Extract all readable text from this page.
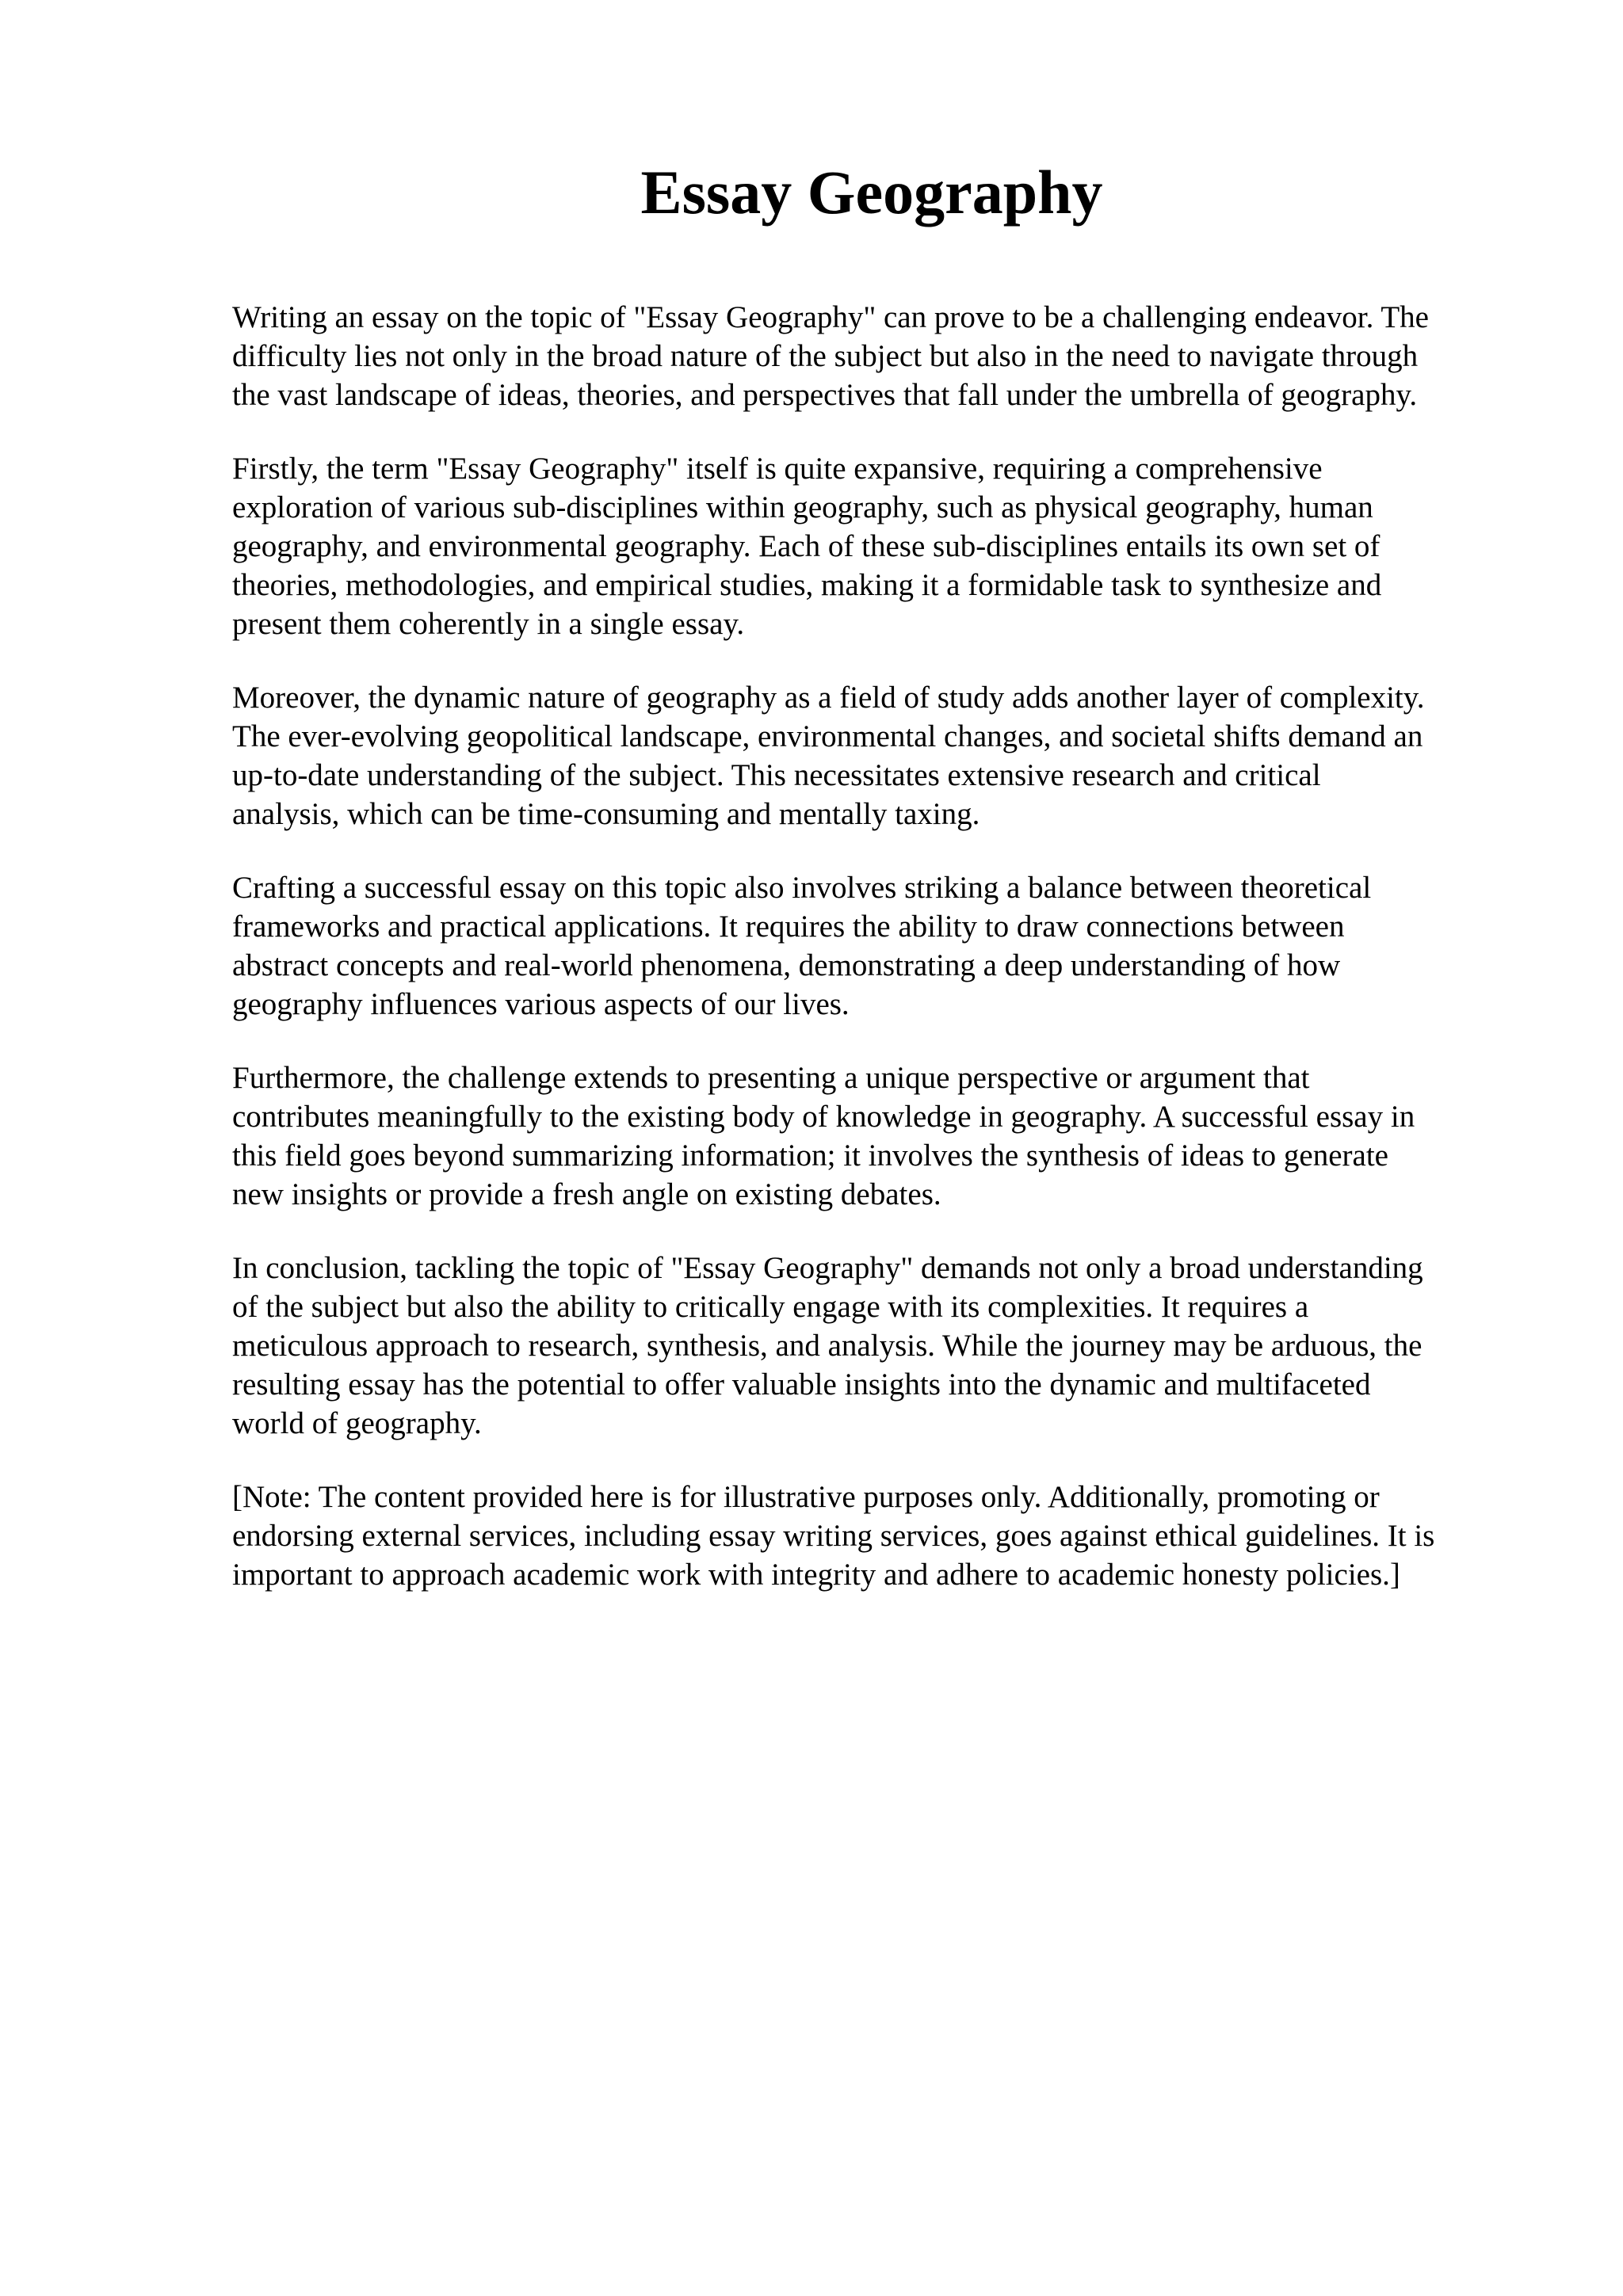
Essay Geography

Writing an essay on the topic of "Essay Geography" can prove to be a challenging endeavor. The
difficulty lies not only in the broad nature of the subject but also in the need to navigate through
the vast landscape of ideas, theories, and perspectives that fall under the umbrella of geography.

Firstly, the term "Essay Geography" itself is quite expansive, requiring a comprehensive
exploration of various sub-disciplines within geography, such as physical geography, human
geography, and environmental geography. Each of these sub-disciplines entails its own set of
theories, methodologies, and empirical studies, making it a formidable task to synthesize and
present them coherently in a single essay.

Moreover, the dynamic nature of geography as a field of study adds another layer of complexity.
The ever-evolving geopolitical landscape, environmental changes, and societal shifts demand an
up-to-date understanding of the subject. This necessitates extensive research and critical
analysis, which can be time-consuming and mentally taxing.

Crafting a successful essay on this topic also involves striking a balance between theoretical
frameworks and practical applications. It requires the ability to draw connections between
abstract concepts and real-world phenomena, demonstrating a deep understanding of how
geography influences various aspects of our lives.

Furthermore, the challenge extends to presenting a unique perspective or argument that
contributes meaningfully to the existing body of knowledge in geography. A successful essay in
this field goes beyond summarizing information; it involves the synthesis of ideas to generate
new insights or provide a fresh angle on existing debates.

In conclusion, tackling the topic of "Essay Geography" demands not only a broad understanding
of the subject but also the ability to critically engage with its complexities. It requires a
meticulous approach to research, synthesis, and analysis. While the journey may be arduous, the
resulting essay has the potential to offer valuable insights into the dynamic and multifaceted
world of geography.

[Note: The content provided here is for illustrative purposes only. Additionally, promoting or
endorsing external services, including essay writing services, goes against ethical guidelines. It is
important to approach academic work with integrity and adhere to academic honesty policies.]
